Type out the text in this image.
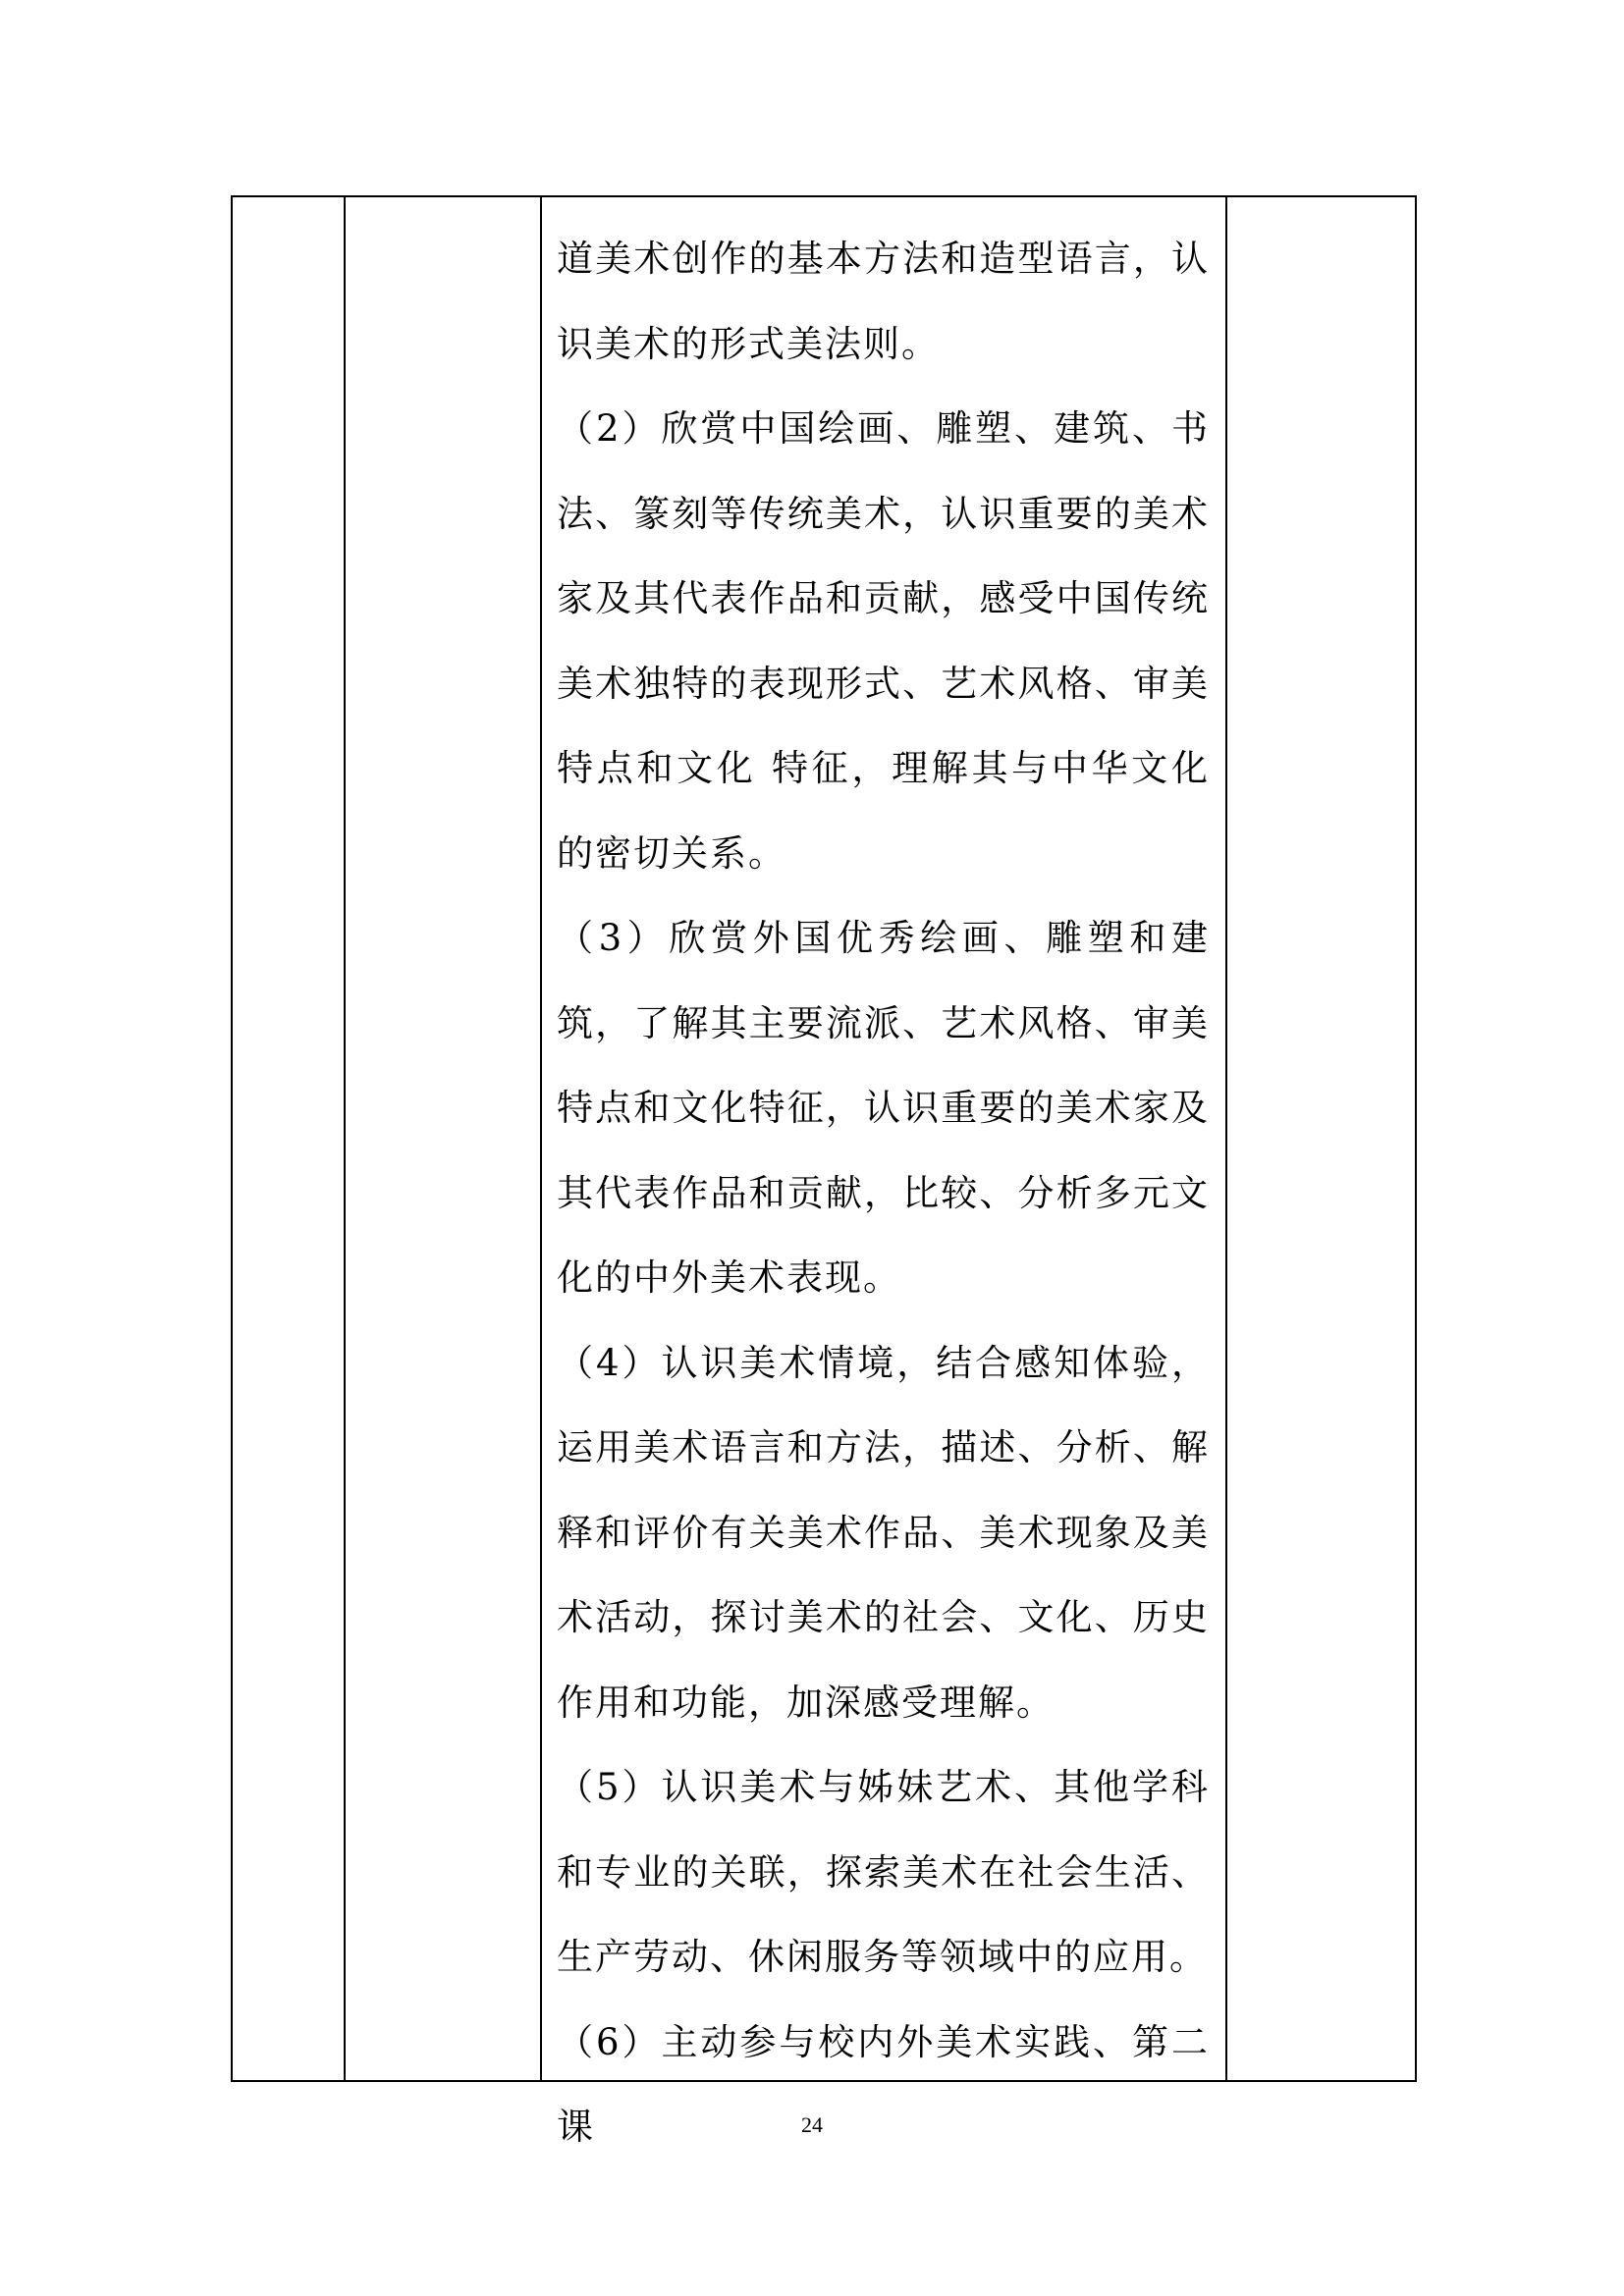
道美术创作的基本方法和造型语言，认识美术的形式美法则。

（2）欣赏中国绘画、雕塑、建筑、书法、篆刻等传统美术，认识重要的美术家及其代表作品和贡献，感受中国传统美术独特的表现形式、艺术风格、审美特点和文化 特征，理解其与中华文化的密切关系。

（3）欣赏外国优秀绘画、雕塑和建筑，了解其主要流派、艺术风格、审美特点和文化特征，认识重要的美术家及其代表作品和贡献，比较、分析多元文化的中外美术表现。

（4）认识美术情境，结合感知体验，运用美术语言和方法，描述、分析、解释和评价有关美术作品、美术现象及美术活动，探讨美术的社会、文化、历史作用和功能，加深感受理解。

（5）认识美术与姊妹艺术、其他学科和专业的关联，探索美术在社会生活、生产劳动、休闲服务等领域中的应用。

（6）主动参与校内外美术实践、第二课	24
